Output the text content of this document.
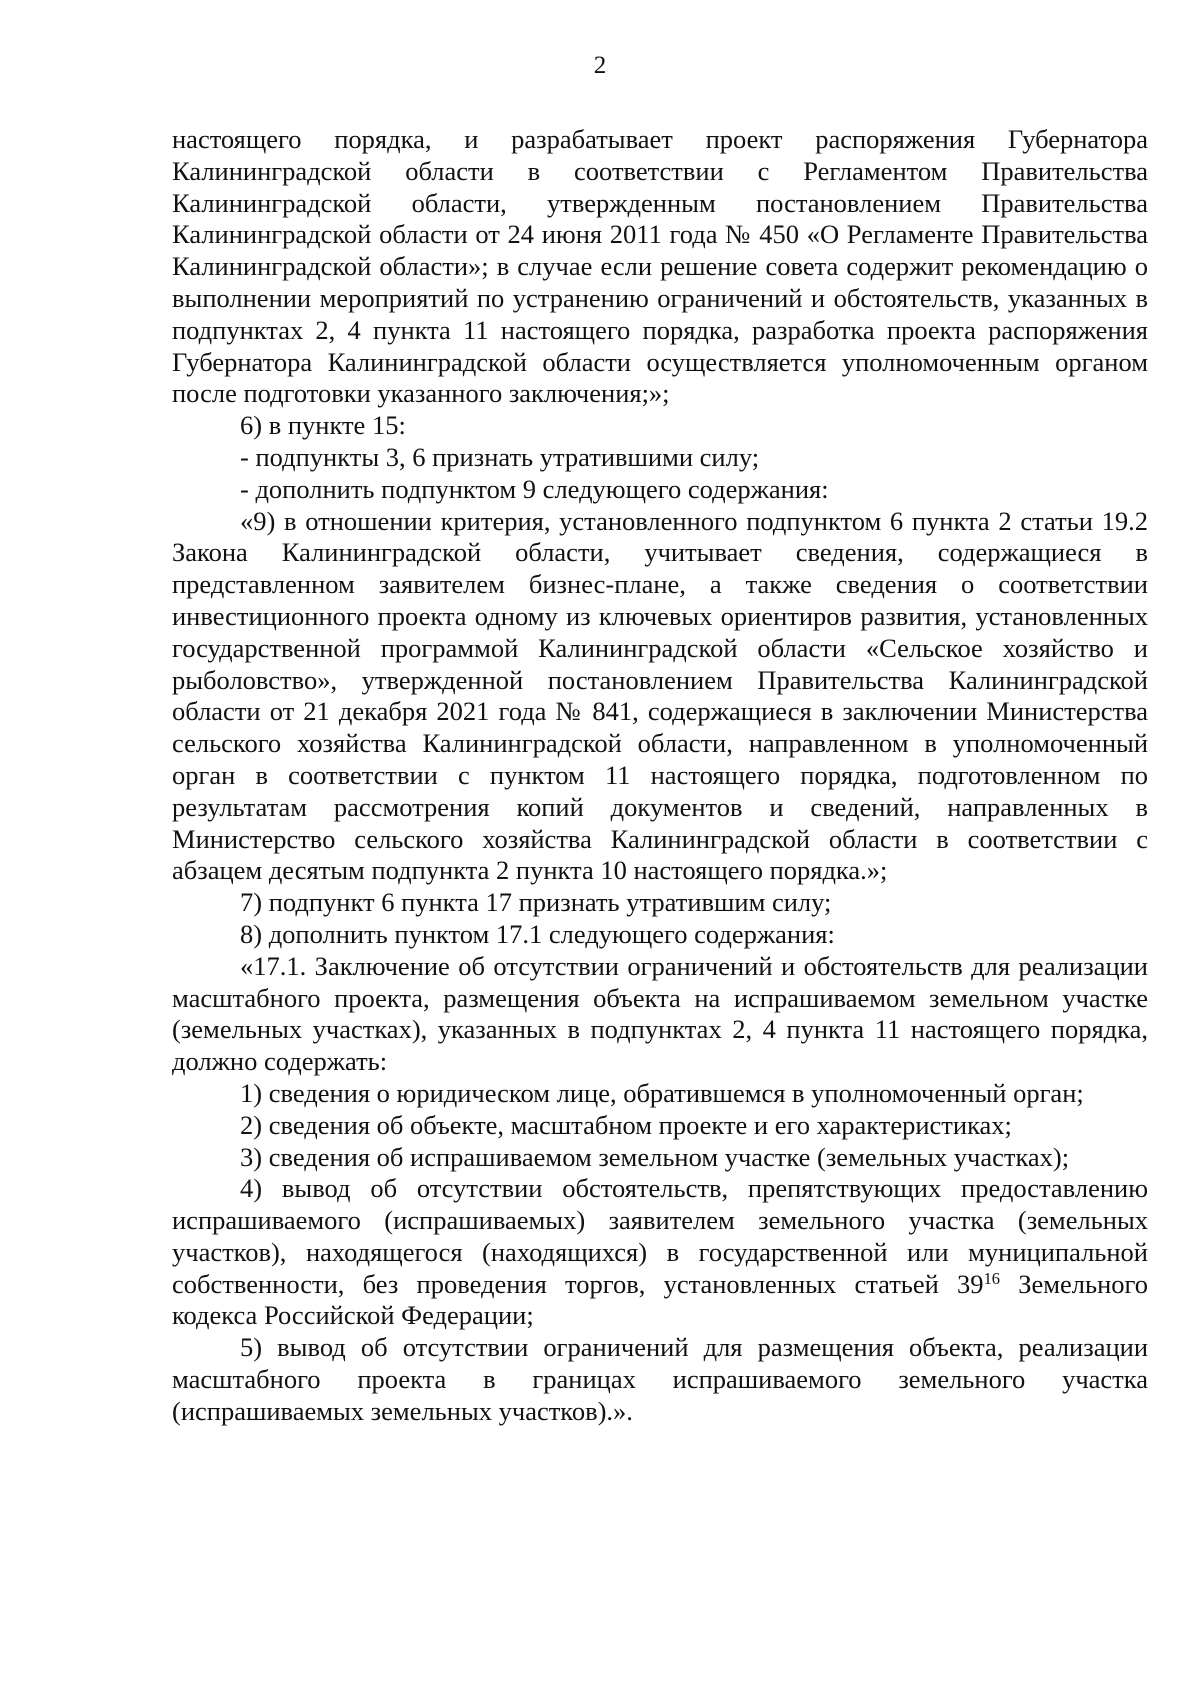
2

настоящего порядка, и разрабатывает проект распоряжения Губернатора Калининградской области в соответствии с Регламентом Правительства Калининградской области, утвержденным постановлением Правительства Калининградской области от 24 июня 2011 года № 450 «О Регламенте Правительства Калининградской области»; в случае если решение совета содержит рекомендацию о выполнении мероприятий по устранению ограничений и обстоятельств, указанных в подпунктах 2, 4 пункта 11 настоящего порядка, разработка проекта распоряжения Губернатора Калининградской области осуществляется уполномоченным органом после подготовки указанного заключения;»;

6) в пункте 15:

- подпункты 3, 6 признать утратившими силу;

- дополнить подпунктом 9 следующего содержания:

«9) в отношении критерия, установленного подпунктом 6 пункта 2 статьи 19.2 Закона Калининградской области, учитывает сведения, содержащиеся в представленном заявителем бизнес-плане, а также сведения о соответствии инвестиционного проекта одному из ключевых ориентиров развития, установленных государственной программой Калининградской области «Сельское хозяйство и рыболовство», утвержденной постановлением Правительства Калининградской области от 21 декабря 2021 года № 841, содержащиеся в заключении Министерства сельского хозяйства Калининградской области, направленном в уполномоченный орган в соответствии с пунктом 11 настоящего порядка, подготовленном по результатам рассмотрения копий документов и сведений, направленных в Министерство сельского хозяйства Калининградской области в соответствии с абзацем десятым подпункта 2 пункта 10 настоящего порядка.»;

7) подпункт 6 пункта 17 признать утратившим силу;

8) дополнить пунктом 17.1 следующего содержания:

«17.1. Заключение об отсутствии ограничений и обстоятельств для реализации масштабного проекта, размещения объекта на испрашиваемом земельном участке (земельных участках), указанных в подпунктах 2, 4 пункта 11 настоящего порядка, должно содержать:

1) сведения о юридическом лице, обратившемся в уполномоченный орган;

2) сведения об объекте, масштабном проекте и его характеристиках;

3) сведения об испрашиваемом земельном участке (земельных участках);

4) вывод об отсутствии обстоятельств, препятствующих предоставлению испрашиваемого (испрашиваемых) заявителем земельного участка (земельных участков), находящегося (находящихся) в государственной или муниципальной собственности, без проведения торгов, установленных статьей $39^{16}$ Земельного кодекса Российской Федерации;

5) вывод об отсутствии ограничений для размещения объекта, реализации масштабного проекта в границах испрашиваемого земельного участка (испрашиваемых земельных участков).».
